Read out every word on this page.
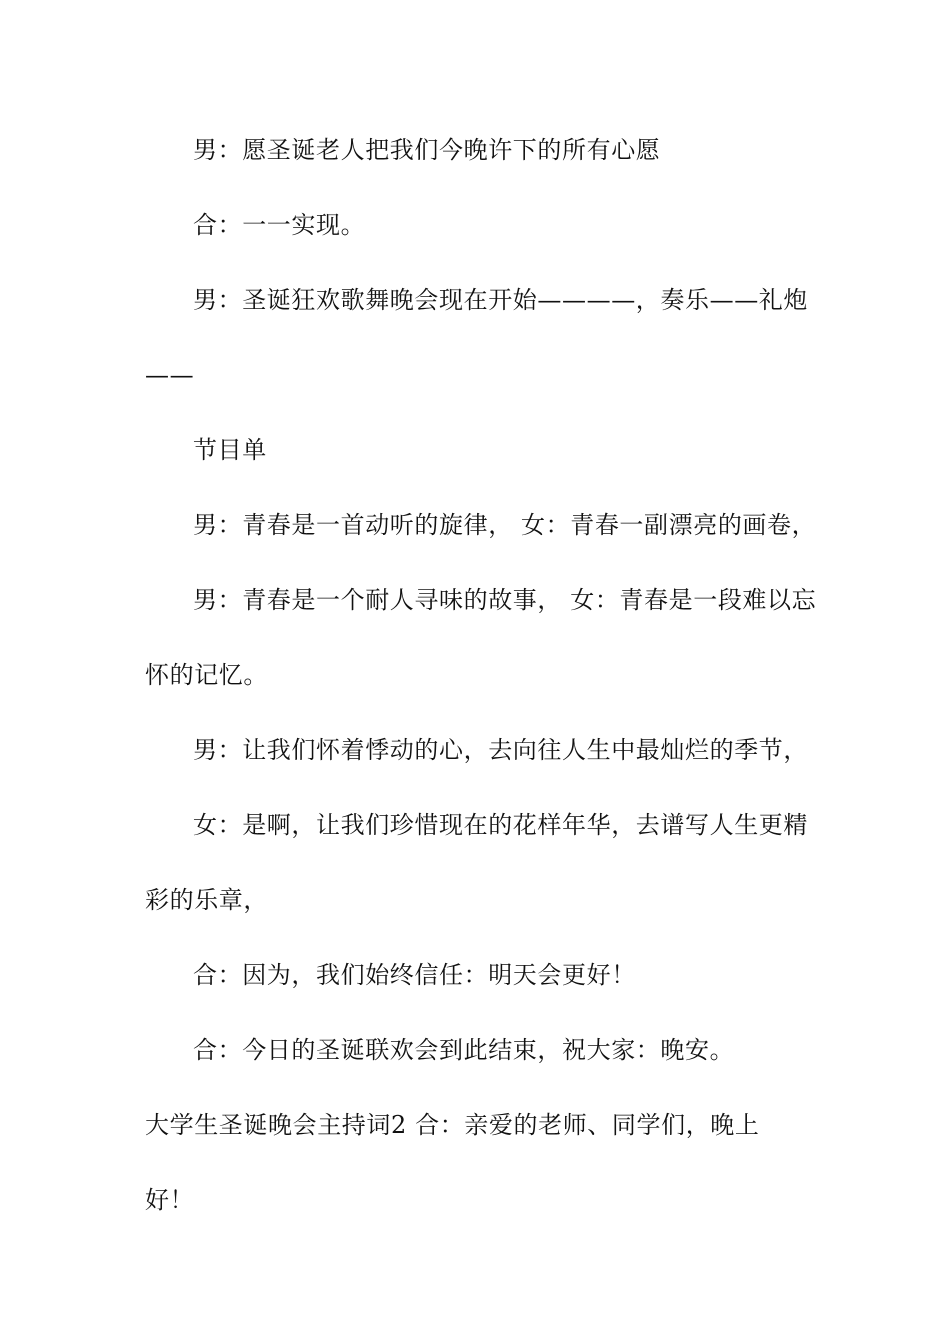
男：愿圣诞老人把我们今晚许下的所有心愿
合：一一实现。
男：圣诞狂欢歌舞晚会现在开始————，奏乐——礼炮
——
节目单
男：青春是一首动听的旋律， 女：青春一副漂亮的画卷，
男：青春是一个耐人寻味的故事， 女：青春是一段难以忘
怀的记忆。
男：让我们怀着悸动的心，去向往人生中最灿烂的季节，
女：是啊，让我们珍惜现在的花样年华，去谱写人生更精
彩的乐章，
合：因为，我们始终信任：明天会更好！
合：今日的圣诞联欢会到此结束，祝大家：晚安。
大学生圣诞晚会主持词2 合：亲爱的老师、同学们，晚上
好！
